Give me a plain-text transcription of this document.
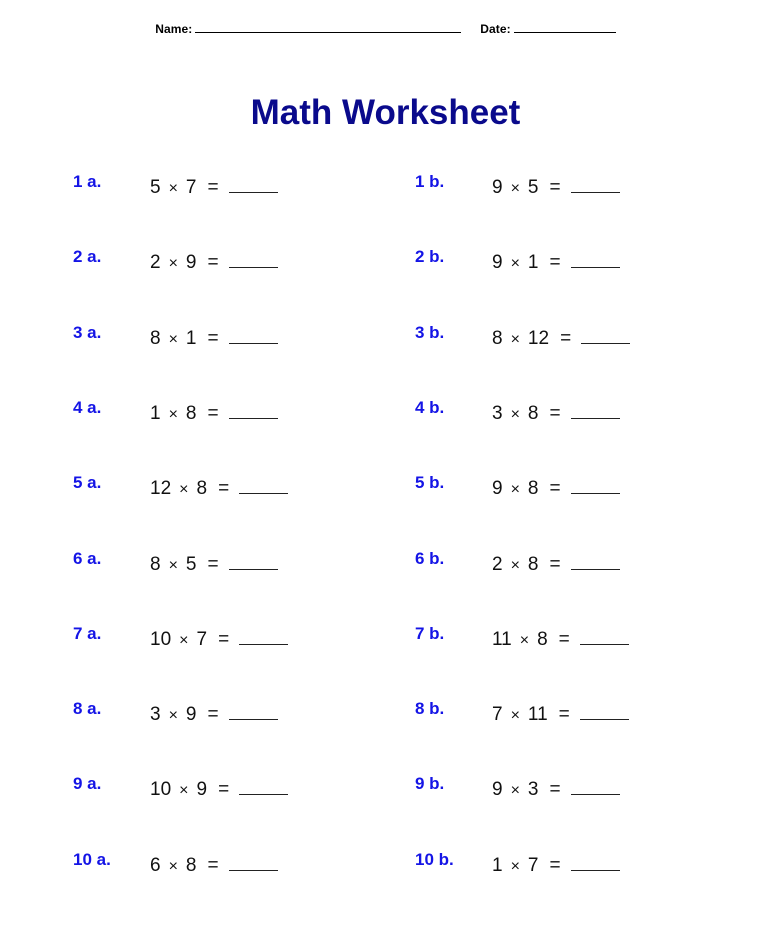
Name:	Date:
Math Worksheet
1 a.	5 × 7 =
2 a.	2 × 9 =
3 a.	8 × 1 =
4 a.	1 × 8 =
5 a.	12 × 8 =
6 a.	8 × 5 =
7 a.	10 × 7 =
8 a.	3 × 9 =
9 a.	10 × 9 =
10 a. 6 × 8 =
1 b.	9 × 5 =
2 b.	9 × 1 =
3 b.	8 × 12 =
4 b.	3 × 8 =
5 b.	9 × 8 =
6 b.	2 × 8 =
7 b.	11 × 8 =
8 b.	7 × 11 =
9 b.	9 × 3 =
10 b. 1 × 7 =
